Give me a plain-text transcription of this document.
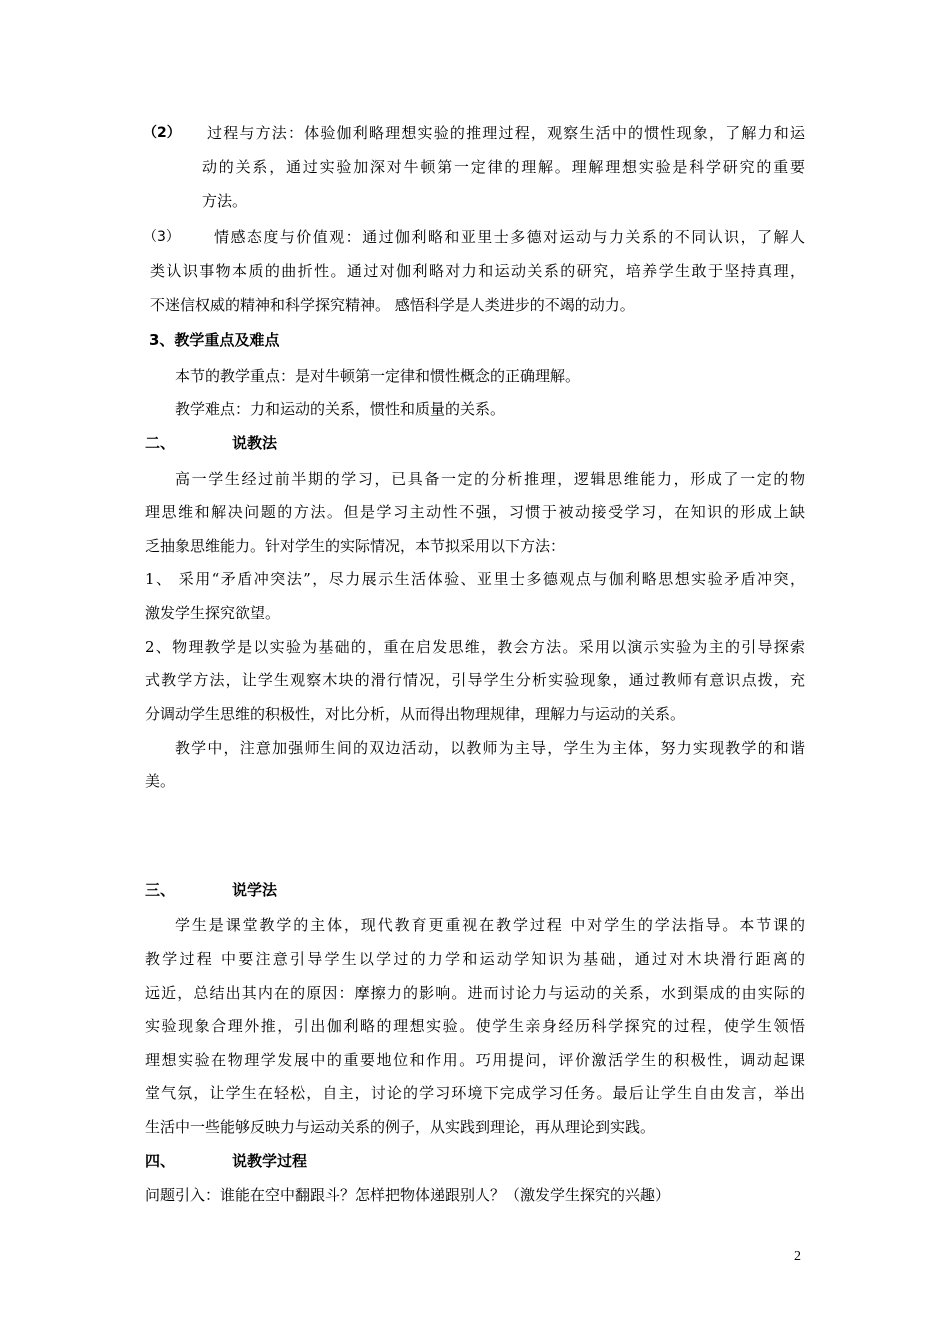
（2） 过程与方法：体验伽利略理想实验的推理过程，观察生活中的惯性现象，了解力和运
动的关系，通过实验加深对牛顿第一定律的理解。理解理想实验是科学研究的重要
方法。
（3） 情感态度与价值观：通过伽利略和亚里士多德对运动与力关系的不同认识，了解人
类认识事物本质的曲折性。通过对伽利略对力和运动关系的研究，培养学生敢于坚持真理，
不迷信权威的精神和科学探究精神。 感悟科学是人类进步的不竭的动力。
3、教学重点及难点
本节的教学重点：是对牛顿第一定律和惯性概念的正确理解。
教学难点：力和运动的关系，惯性和质量的关系。
二、	说教法
高一学生经过前半期的学习，已具备一定的分析推理，逻辑思维能力，形成了一定的物
理思维和解决问题的方法。但是学习主动性不强，习惯于被动接受学习，在知识的形成上缺
乏抽象思维能力。针对学生的实际情况，本节拟采用以下方法：
1、 采用“矛盾冲突法”，尽力展示生活体验、亚里士多德观点与伽利略思想实验矛盾冲突，
激发学生探究欲望。
2、物理教学是以实验为基础的，重在启发思维，教会方法。采用以演示实验为主的引导探索
式教学方法，让学生观察木块的滑行情况，引导学生分析实验现象，通过教师有意识点拨，充
分调动学生思维的积极性，对比分析，从而得出物理规律，理解力与运动的关系。
教学中，注意加强师生间的双边活动，以教师为主导，学生为主体，努力实现教学的和谐
美。
三、	说学法
学生是课堂教学的主体，现代教育更重视在教学过程 中对学生的学法指导。本节课的
教学过程 中要注意引导学生以学过的力学和运动学知识为基础，通过对木块滑行距离的
远近，总结出其内在的原因：摩擦力的影响。进而讨论力与运动的关系，水到渠成的由实际的
实验现象合理外推，引出伽利略的理想实验。使学生亲身经历科学探究的过程，使学生领悟
理想实验在物理学发展中的重要地位和作用。巧用提问，评价激活学生的积极性，调动起课
堂气氛，让学生在轻松，自主，讨论的学习环境下完成学习任务。最后让学生自由发言，举出
生活中一些能够反映力与运动关系的例子，从实践到理论，再从理论到实践。
四、	说教学过程
问题引入：谁能在空中翻跟斗？怎样把物体递跟别人？（激发学生探究的兴趣）
2
